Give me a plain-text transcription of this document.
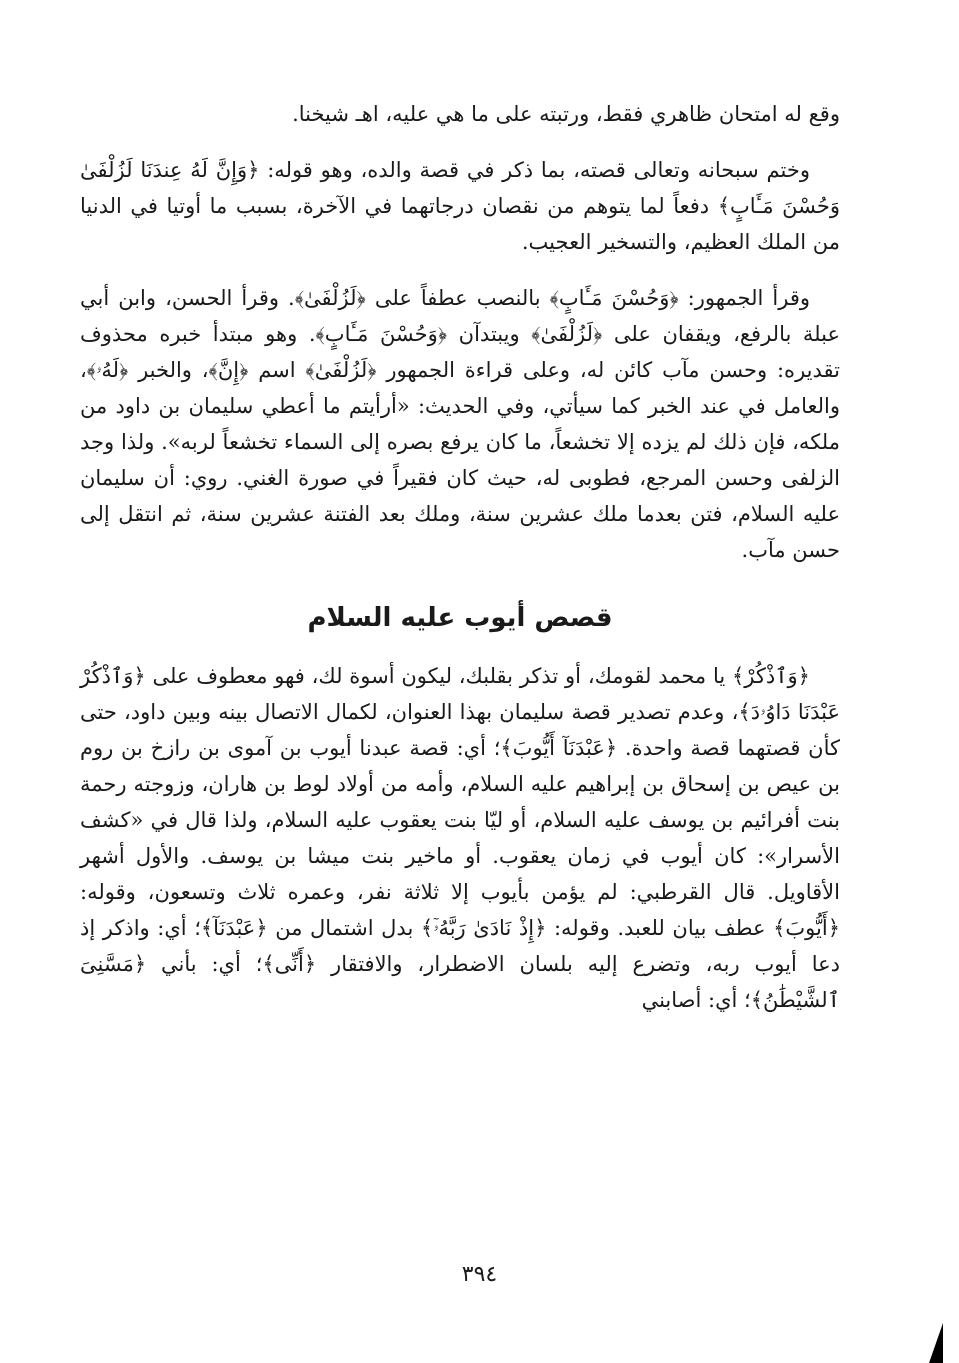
وقع له امتحان ظاهري فقط، ورتبته على ما هي عليه، اهـ شيخنا.

وختم سبحانه وتعالى قصته، بما ذكر في قصة والده، وهو قوله: ﴿وَإِنَّ لَهُ عِندَنَا لَزُلْفَىٰ وَحُسْنَ مَـَٔابٍ﴾ دفعاً لما يتوهم من نقصان درجاتهما في الآخرة، بسبب ما أوتيا في الدنيا من الملك العظيم، والتسخير العجيب.

وقرأ الجمهور: ﴿وَحُسْنَ مَـَٔابٍ﴾ بالنصب عطفاً على ﴿لَزُلْفَىٰ﴾. وقرأ الحسن، وابن أبي عبلة بالرفع، ويقفان على ﴿لَزُلْفَىٰ﴾ ويبتدآن ﴿وَحُسْنَ مَـَٔابٍ﴾. وهو مبتدأ خبره محذوف تقديره: وحسن مآب كائن له، وعلى قراءة الجمهور ﴿لَزُلْفَىٰ﴾ اسم ﴿إِنَّ﴾، والخبر ﴿لَهُۥ﴾، والعامل في عند الخبر كما سيأتي، وفي الحديث: «أرأيتم ما أعطي سليمان بن داود من ملكه، فإن ذلك لم يزده إلا تخشعاً، ما كان يرفع بصره إلى السماء تخشعاً لربه». ولذا وجد الزلفى وحسن المرجع، فطوبى له، حيث كان فقيراً في صورة الغني. روي: أن سليمان عليه السلام، فتن بعدما ملك عشرين سنة، وملك بعد الفتنة عشرين سنة، ثم انتقل إلى حسن مآب.

قصص أيوب عليه السلام

﴿وَٱذْكُرْ﴾ يا محمد لقومك، أو تذكر بقلبك، ليكون أسوة لك، فهو معطوف على ﴿وَٱذْكُرْ عَبْدَنَا دَاوُۥدَ﴾، وعدم تصدير قصة سليمان بهذا العنوان، لكمال الاتصال بينه وبين داود، حتى كأن قصتهما قصة واحدة. ﴿عَبْدَنَآ أَيُّوبَ﴾؛ أي: قصة عبدنا أيوب بن آموى بن رازخ بن روم بن عيص بن إسحاق بن إبراهيم عليه السلام، وأمه من أولاد لوط بن هاران، وزوجته رحمة بنت أفرائيم بن يوسف عليه السلام، أو ليّا بنت يعقوب عليه السلام، ولذا قال في «كشف الأسرار»: كان أيوب في زمان يعقوب. أو ماخير بنت ميشا بن يوسف. والأول أشهر الأقاويل. قال القرطبي: لم يؤمن بأيوب إلا ثلاثة نفر، وعمره ثلاث وتسعون، وقوله: ﴿أَيُّوبَ﴾ عطف بيان للعبد. وقوله: ﴿إِذْ نَادَىٰ رَبَّهُۥٓ﴾ بدل اشتمال من ﴿عَبْدَنَآ﴾؛ أي: واذكر إذ دعا أيوب ربه، وتضرع إليه بلسان الاضطرار، والافتقار ﴿أَنِّى﴾؛ أي: بأني ﴿مَسَّنِىَ ٱلشَّيْطَٰنُ﴾؛ أي: أصابني

٣٩٤
